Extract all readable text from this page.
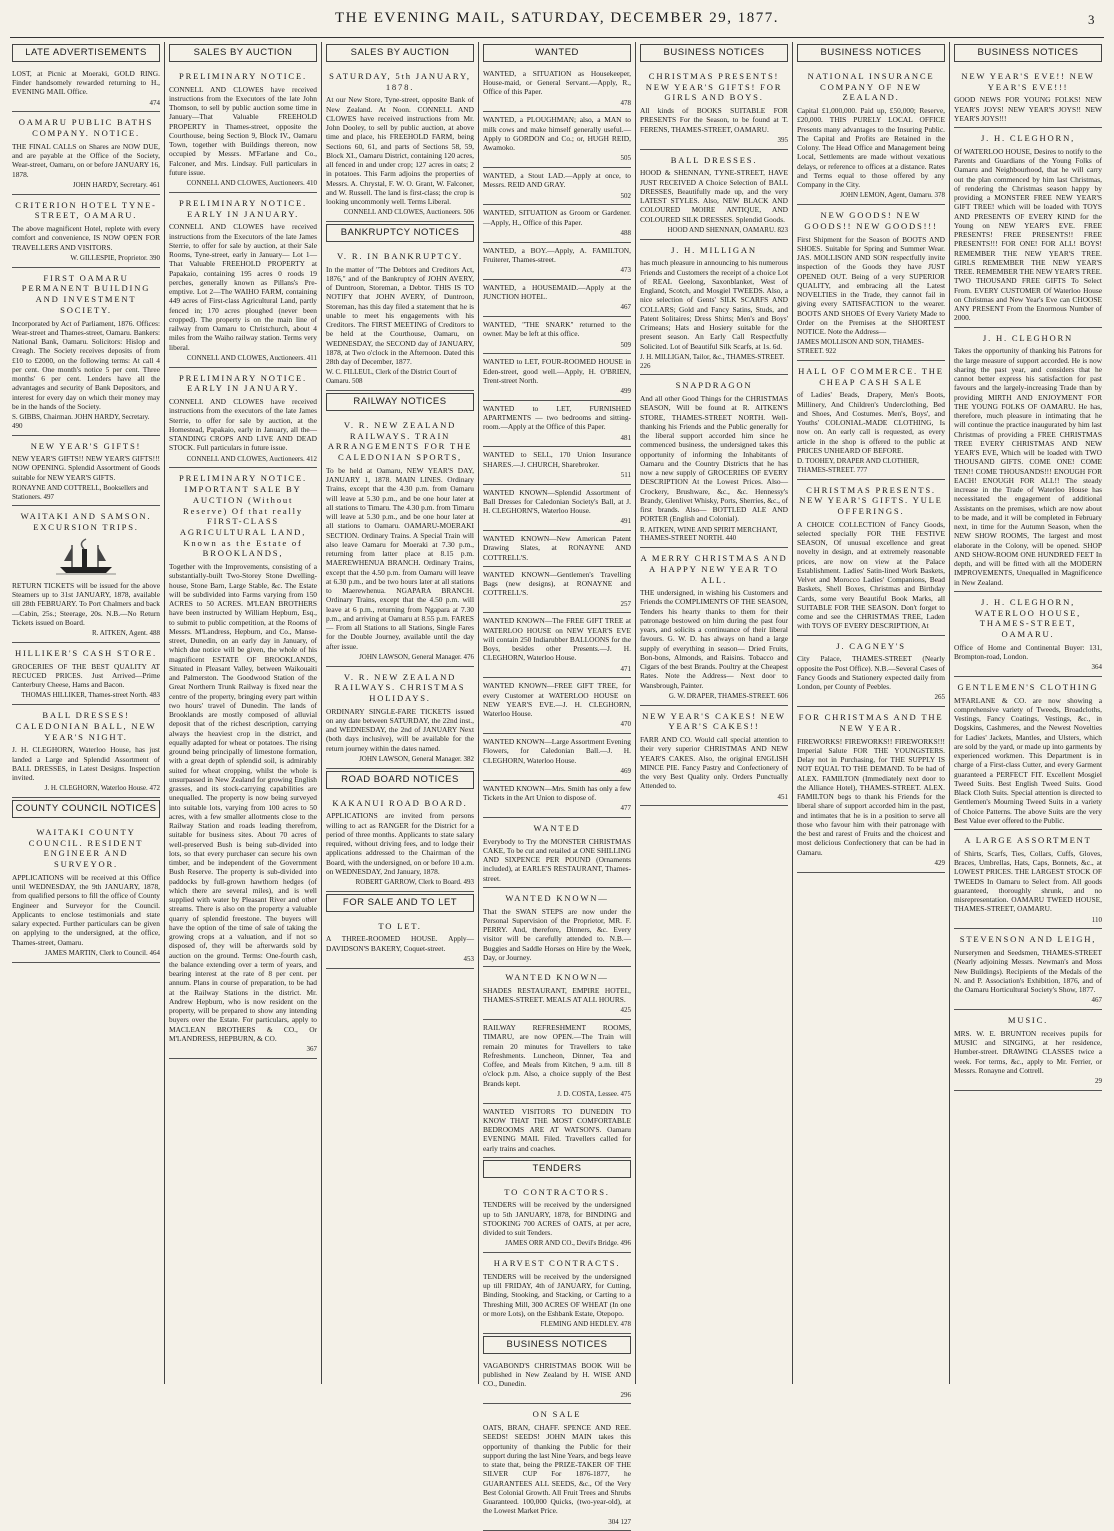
THE EVENING MAIL, SATURDAY, DECEMBER 29, 1877.	3
LATE ADVERTISEMENTS

LOST, at Picnic at Moeraki, GOLD RING. Finder handsomely rewarded returning to H., EVENING MAIL Office.

474
OAMARU PUBLIC BATHS COMPANY. NOTICE.

THE FINAL CALLS on Shares are NOW DUE, and are payable at the Office of the Society, Wear-street, Oamaru, on or before JANUARY 16, 1878.

JOHN HARDY, Secretary. 461
CRITERION HOTEL TYNE-STREET, OAMARU.

The above magnificent Hotel, replete with every comfort and convenience, IS NOW OPEN FOR TRAVELLERS AND VISITORS.

W. GILLESPIE, Proprietor. 390
FIRST OAMARU PERMANENT BUILDING AND INVESTMENT SOCIETY.

Incorporated by Act of Parliament, 1876. Offices: Wear-street and Thames-street, Oamaru. Bankers: National Bank, Oamaru. Solicitors: Hislop and Creagh. The Society receives deposits of from £10 to £2000, on the following terms: At call 4 per cent. One month's notice 5 per cent. Three months' 6 per cent. Lenders have all the advantages and security of Bank Depositors, and interest for every day on which their money may be in the hands of the Society.

S. GIBBS, Chairman. JOHN HARDY, Secretary. 490
NEW YEAR'S GIFTS!

NEW YEAR'S GIFTS!! NEW YEAR'S GIFTS!!! NOW OPENING. Splendid Assortment of Goods suitable for NEW YEAR'S GIFTS.

RONAYNE AND COTTRELL, Booksellers and Stationers. 497
WAITAKI AND SAMSON. EXCURSION TRIPS.

RETURN TICKETS will be issued for the above Steamers up to 31st JANUARY, 1878, available till 28th FEBRUARY. To Port Chalmers and back—Cabin, 25s.; Steerage, 20s. N.B.—No Return Tickets issued on Board.

R. AITKEN, Agent. 488
HILLIKER'S CASH STORE.

GROCERIES OF THE BEST QUALITY AT RECUCED PRICES. Just Arrived—Prime Canterbury Cheese, Hams and Bacon.

THOMAS HILLIKER, Thames-street North. 483
BALL DRESSES! CALEDONIAN BALL, NEW YEAR'S NIGHT.

J. H. CLEGHORN, Waterloo House, has just landed a Large and Splendid Assortment of BALL DRESSES, in Latest Designs. Inspection invited.

J. H. CLEGHORN, Waterloo House. 472
COUNTY COUNCIL NOTICES
WAITAKI COUNTY COUNCIL. RESIDENT ENGINEER AND SURVEYOR.

APPLICATIONS will be received at this Office until WEDNESDAY, the 9th JANUARY, 1878, from qualified persons to fill the office of County Engineer and Surveyor for the Council. Applicants to enclose testimonials and state salary expected. Further particulars can be given on applying to the undersigned, at the office, Thames-street, Oamaru.

JAMES MARTIN, Clerk to Council. 464
SALES BY AUCTION
PRELIMINARY NOTICE.

CONNELL AND CLOWES have received instructions from the Executors of the late John Thomson, to sell by public auction some time in January—That Valuable FREEHOLD PROPERTY in Thames-street, opposite the Courthouse, being Section 9, Block IV., Oamaru Town, together with Buildings thereon, now occupied by Messrs. M'Farlane and Co., Falconer, and Mrs. Lindsay. Full particulars in future issue.

CONNELL AND CLOWES, Auctioneers. 410
PRELIMINARY NOTICE. EARLY IN JANUARY.

CONNELL AND CLOWES have received instructions from the Executors of the late James Sterrie, to offer for sale by auction, at their Sale Rooms, Tyne-street, early in January— Lot 1—That Valuable FREEHOLD PROPERTY at Papakaio, containing 195 acres 0 roods 19 perches, generally known as Pillans's Pre-emptive. Lot 2—The WAIHO FARM, containing 449 acres of First-class Agricultural Land, partly fenced in; 170 acres ploughed (never been cropped). The property is on the main line of railway from Oamaru to Christchurch, about 4 miles from the Waiho railway station. Terms very liberal.

CONNELL AND CLOWES, Auctioneers. 411
PRELIMINARY NOTICE. EARLY IN JANUARY.

CONNELL AND CLOWES have received instructions from the executors of the late James Sterrie, to offer for sale by auction, at the Homestead, Papakaio, early in January, all the— STANDING CROPS AND LIVE AND DEAD STOCK. Full particulars in future issue.

CONNELL AND CLOWES, Auctioneers. 412
PRELIMINARY NOTICE. IMPORTANT SALE BY AUCTION (Without Reserve) Of that really FIRST-CLASS AGRICULTURAL LAND, Known as the Estate of BROOKLANDS,

Together with the Improvements, consisting of a substantially-built Two-Storey Stone Dwelling-house, Stone Barn, Large Stable, &c. The Estate will be subdivided into Farms varying from 150 ACRES to 50 ACRES. M'LEAN BROTHERS have been instructed by William Hepburn, Esq., to submit to public competition, at the Rooms of Messrs. M'Landress, Hepburn, and Co., Manse-street, Dunedin, on an early day in January, of which due notice will be given, the whole of his magnificent ESTATE OF BROOKLANDS, Situated in Pleasant Valley, between Waikouaiti and Palmerston. The Goodwood Station of the Great Northern Trunk Railway is fixed near the centre of the property, bringing every part within two hours' travel of Dunedin. The lands of Brooklands are mostly composed of alluvial deposit that of the richest description, carrying always the heaviest crop in the district, and equally adapted for wheat or potatoes. The rising ground being principally of limestone formation, with a great depth of splendid soil, is admirably suited for wheat cropping, whilst the whole is unsurpassed in New Zealand for growing English grasses, and its stock-carrying capabilities are unequalled. The property is now being surveyed into suitable lots, varying from 100 acres to 50 acres, with a few smaller allotments close to the Railway Station and roads leading therefrom, suitable for business sites. About 70 acres of well-preserved Bush is being sub-divided into lots, so that every purchaser can secure his own timber, and be independent of the Government Bush Reserve. The property is sub-divided into paddocks by full-grown hawthorn hedges (of which there are several miles), and is well supplied with water by Pleasant River and other streams. There is also on the property a valuable quarry of splendid freestone. The buyers will have the option of the time of sale of taking the growing crops at a valuation, and if not so disposed of, they will be afterwards sold by auction on the ground. Terms: One-fourth cash, the balance extending over a term of years, and bearing interest at the rate of 8 per cent. per annum. Plans in course of preparation, to be had at the Railway Stations in the district. Mr. Andrew Hepburn, who is now resident on the property, will be prepared to show any intending buyers over the Estate. For particulars, apply to MACLEAN BROTHERS & CO., Or M'LANDRESS, HEPBURN, & CO.

367
SALES BY AUCTION
SATURDAY, 5th JANUARY, 1878.

At our New Store, Tyne-street, opposite Bank of New Zealand. At Noon. CONNELL AND CLOWES have received instructions from Mr. John Dooley, to sell by public auction, at above time and place, his FREEHOLD FARM, being Sections 60, 61, and parts of Sections 58, 59, Block XI., Oamaru District, containing 120 acres, all fenced in and under crop; 127 acres in oats; 2 in potatoes. This Farm adjoins the properties of Messrs. A. Chrystal, F. W. O. Grant, W. Falconer, and W. Russell. The land is first-class; the crop is looking uncommonly well. Terms Liberal.

CONNELL AND CLOWES, Auctioneers. 506
BANKRUPTCY NOTICES
V. R. IN BANKRUPTCY.

In the matter of "The Debtors and Creditors Act, 1876," and of the Bankruptcy of JOHN AVERY, of Duntroon, Storeman, a Debtor. THIS IS TO NOTIFY that JOHN AVERY, of Duntroon, Storeman, has this day filed a statement that he is unable to meet his engagements with his Creditors. The FIRST MEETING of Creditors to be held at the Courthouse, Oamaru, on WEDNESDAY, the SECOND day of JANUARY, 1878, at Two o'clock in the Afternoon. Dated this 28th day of December, 1877.

W. C. FILLEUL, Clerk of the District Court of Oamaru. 508
RAILWAY NOTICES
V. R. NEW ZEALAND RAILWAYS. TRAIN ARRANGEMENTS FOR THE CALEDONIAN SPORTS,

To be held at Oamaru, NEW YEAR'S DAY, JANUARY 1, 1878. MAIN LINES. Ordinary Trains, except that the 4.30 p.m. from Oamaru will leave at 5.30 p.m., and be one hour later at all stations to Timaru. The 4.30 p.m. from Timaru will leave at 5.30 p.m., and be one hour later at all stations to Oamaru. OAMARU-MOERAKI SECTION. Ordinary Trains. A Special Train will also leave Oamaru for Moeraki at 7.30 p.m., returning from latter place at 8.15 p.m. MAEREWHENUA BRANCH. Ordinary Trains, except that the 4.50 p.m. from Oamaru will leave at 6.30 p.m., and be two hours later at all stations to Maerewhenua. NGAPARA BRANCH. Ordinary Trains, except that the 4.50 p.m. will leave at 6 p.m., returning from Ngapara at 7.30 p.m., and arriving at Oamaru at 8.55 p.m. FARES— From all Stations to all Stations, Single Fares for the Double Journey, available until the day after issue.

JOHN LAWSON, General Manager. 476
V. R. NEW ZEALAND RAILWAYS. CHRISTMAS HOLIDAYS.

ORDINARY SINGLE-FARE TICKETS issued on any date between SATURDAY, the 22nd inst., and WEDNESDAY, the 2nd of JANUARY Next (both days inclusive), will be available for the return journey within the dates named.

JOHN LAWSON, General Manager. 382
ROAD BOARD NOTICES
KAKANUI ROAD BOARD.

APPLICATIONS are invited from persons willing to act as RANGER for the District for a period of three months. Applicants to state salary required, without driving fees, and to lodge their applications addressed to the Chairman of the Board, with the undersigned, on or before 10 a.m. on WEDNESDAY, 2nd January, 1878.

ROBERT GARROW, Clerk to Board. 493
FOR SALE AND TO LET
TO LET.

A THREE-ROOMED HOUSE. Apply— DAVIDSON'S BAKERY, Coquet-street.

453
WANTED

WANTED, a SITUATION as Housekeeper, House-maid, or General Servant.—Apply, R., Office of this Paper.

478

WANTED, a PLOUGHMAN; also, a MAN to milk cows and make himself generally useful.—Apply to GORDON and Co.; or, HUGH REID, Awamoko.

505

WANTED, a Stout LAD.—Apply at once, to Messrs. REID AND GRAY.

502

WANTED, SITUATION as Groom or Gardener.—Apply, H., Office of this Paper.

488

WANTED, a BOY.—Apply, A. FAMILTON, Fruiterer, Thames-street.

473

WANTED, a HOUSEMAID.—Apply at the JUNCTION HOTEL.

467

WANTED, "THE SNARK" returned to the owner. May be left at this office.

509

WANTED to LET, FOUR-ROOMED HOUSE in Eden-street, good well.—Apply, H. O'BRIEN, Trent-street North.

499

WANTED to LET, FURNISHED APARTMENTS — two bedrooms and sitting-room.—Apply at the Office of this Paper.

481

WANTED to SELL, 170 Union Insurance SHARES.—J. CHURCH, Sharebroker.

511

WANTED KNOWN—Splendid Assortment of Ball Dresses for Caledonian Society's Ball, at J. H. CLEGHORN'S, Waterloo House.

491

WANTED KNOWN—New American Patent Drawing Slates, at RONAYNE AND COTTRELL'S.

WANTED KNOWN—Gentlemen's Travelling Bags (new designs), at RONAYNE and COTTRELL'S.

257

WANTED KNOWN—The FREE GIFT TREE at WATERLOO HOUSE on NEW YEAR'S EVE will contain 250 Indiarubber BALLOONS for the Boys, besides other Presents.—J. H. CLEGHORN, Waterloo House.

471

WANTED KNOWN—FREE GIFT TREE, for every Customer at WATERLOO HOUSE on NEW YEAR'S EVE.—J. H. CLEGHORN, Waterloo House.

470

WANTED KNOWN—Large Assortment Evening Flowers, for Caledonian Ball.—J. H. CLEGHORN, Waterloo House.

469

WANTED KNOWN—Mrs. Smith has only a few Tickets in the Art Union to dispose of.

477
WANTED

Everybody to Try the MONSTER CHRISTMAS CAKE, To be cut and retailed at ONE SHILLING AND SIXPENCE PER POUND (Ornaments included), at EARLE'S RESTAURANT, Thames-street.

WANTED KNOWN—

That the SWAN STEPS are now under the Personal Supervision of the Proprietor, MR. F. PERRY. And, therefore, Dinners, &c. Every visitor will be carefully attended to. N.B.—Buggies and Saddle Horses on Hire by the Week, Day, or Journey.

WANTED KNOWN—

SHADES RESTAURANT, EMPIRE HOTEL, THAMES-STREET. MEALS AT ALL HOURS.

425

RAILWAY REFRESHMENT ROOMS, TIMARU, are now OPEN.—The Train will remain 20 minutes for Travellers to take Refreshments. Luncheon, Dinner, Tea and Coffee, and Meals from Kitchen, 9 a.m. till 8 o'clock p.m. Also, a choice supply of the Best Brands kept.

J. D. COSTA, Lessee. 475

WANTED VISITORS TO DUNEDIN TO KNOW THAT THE MOST COMFORTABLE BEDROOMS ARE AT WATSON'S. Oamaru EVENING MAIL Filed. Travellers called for early trains and coaches.

TENDERS
TO CONTRACTORS.

TENDERS will be received by the undersigned up to 5th JANUARY, 1878, for BINDING and STOOKING 700 ACRES of OATS, at per acre, divided to suit Tenders.

JAMES ORR AND CO., Devil's Bridge. 496
HARVEST CONTRACTS.

TENDERS will be received by the undersigned up till FRIDAY, 4th of JANUARY, for Cutting, Binding, Stooking, and Stacking, or Carting to a Threshing Mill, 300 ACRES OF WHEAT (In one or more Lots), on the Eshbank Estate, Otepopo.

FLEMING AND HEDLEY. 478
BUSINESS NOTICES

VAGABOND'S CHRISTMAS BOOK Will be published in New Zealand by H. WISE AND CO., Dunedin.

296
ON SALE

OATS, BRAN, CHAFF. SPENCE AND REE. SEEDS! SEEDS! JOHN MAIN takes this opportunity of thanking the Public for their support during the last Nine Years, and begs leave to state that, being the PRIZE-TAKER OF THE SILVER CUP For 1876-1877, he GUARANTEES ALL SEEDS, &c., Of the Very Best Colonial Growth. All Fruit Trees and Shrubs Guaranteed. 100,000 Quicks, (two-year-old), at the Lowest Market Price.

304 127
BUSINESS NOTICES
CHRISTMAS PRESENTS! NEW YEAR'S GIFTS! FOR GIRLS AND BOYS.

All kinds of BOOKS SUITABLE FOR PRESENTS For the Season, to be found at T. FERENS, THAMES-STREET, OAMARU.

395
BALL DRESSES.

HOOD & SHENNAN, TYNE-STREET, HAVE JUST RECEIVED A Choice Selection of BALL DRESSES, Beautifully made up, and the very LATEST STYLES. Also, NEW BLACK AND COLOURED MOIRE ANTIQUE, AND COLOURED SILK DRESSES. Splendid Goods.

HOOD AND SHENNAN, OAMARU. 823
J. H. MILLIGAN

has much pleasure in announcing to his numerous Friends and Customers the receipt of a choice Lot of REAL Geelong, Saxonblanket, West of England, Scotch, and Mosgiel TWEEDS. Also, a nice selection of Gents' SILK SCARFS AND COLLARS; Gold and Fancy Satins, Studs, and Patent Solitaires; Dress Shirts; Men's and Boys' Crimeans; Hats and Hosiery suitable for the present season. An Early Call Respectfully Solicited. Lot of Beautiful Silk Scarfs, at 1s. 6d.

J. H. MILLIGAN, Tailor, &c., THAMES-STREET. 226
SNAPDRAGON

And all other Good Things for the CHRISTMAS SEASON, Will be found at R. AITKEN'S STORE, THAMES-STREET NORTH. Well-thanking his Friends and the Public generally for the liberal support accorded him since he commenced business, the undersigned takes this opportunity of informing the Inhabitants of Oamaru and the Country Districts that he has now a new supply of GROCERIES OF EVERY DESCRIPTION At the Lowest Prices. Also— Crockery, Brushware, &c., &c. Hennessy's Brandy, Glenlivet Whisky, Ports, Sherries, &c., of first brands. Also— BOTTLED ALE AND PORTER (English and Colonial).

R. AITKEN, WINE AND SPIRIT MERCHANT, THAMES-STREET NORTH. 440
A MERRY CHRISTMAS AND A HAPPY NEW YEAR TO ALL.

THE undersigned, in wishing his Customers and Friends the COMPLIMENTS OF THE SEASON, Tenders his hearty thanks to them for their patronage bestowed on him during the past four years, and solicits a continuance of their liberal favours. G. W. D. has always on hand a large supply of everything in season— Dried Fruits, Bon-bons, Almonds, and Raisins. Tobacco and Cigars of the best Brands. Poultry at the Cheapest Rates. Note the Address— Next door to Wansbrough, Painter.

G. W. DRAPER, THAMES-STREET. 606
NEW YEAR'S CAKES! NEW YEAR'S CAKES!!

FARR AND CO. Would call special attention to their very superior CHRISTMAS AND NEW YEAR'S CAKES. Also, the original ENGLISH MINCE PIE. Fancy Pastry and Confectionery of the very Best Quality only. Orders Punctually Attended to.

451
BUSINESS NOTICES
NATIONAL INSURANCE COMPANY OF NEW ZEALAND.

Capital £1,000,000. Paid up, £50,000; Reserve, £20,000. THIS PURELY LOCAL OFFICE Presents many advantages to the Insuring Public. The Capital and Profits are Retained in the Colony. The Head Office and Management being Local, Settlements are made without vexatious delays, or reference to offices at a distance. Rates and Terms equal to those offered by any Company in the City.

JOHN LEMON, Agent, Oamaru. 378
NEW GOODS! NEW GOODS!! NEW GOODS!!!

First Shipment for the Season of BOOTS AND SHOES. Suitable for Spring and Summer Wear. JAS. MOLLISON AND SON respectfully invite inspection of the Goods they have JUST OPENED OUT. Being of a very SUPERIOR QUALITY, and embracing all the Latest NOVELTIES in the Trade, they cannot fail in giving every SATISFACTION to the wearer. BOOTS AND SHOES Of Every Variety Made to Order on the Premises at the SHORTEST NOTICE. Note the Address—

JAMES MOLLISON AND SON, THAMES-STREET. 922
HALL OF COMMERCE. THE CHEAP CASH SALE

of Ladies' Beads, Drapery, Men's Boots, Millinery, And Children's Underclothing, Bed and Shoes, And Costumes. Men's, Boys', and Youths' COLONIAL-MADE CLOTHING, Is now on. An early call is requested, as every article in the shop is offered to the public at PRICES UNHEARD OF BEFORE.

D. TOOHEY, DRAPER AND CLOTHIER, THAMES-STREET. 777
CHRISTMAS PRESENTS. NEW YEAR'S GIFTS. YULE OFFERINGS.

A CHOICE COLLECTION of Fancy Goods, selected specially FOR THE FESTIVE SEASON, Of unusual excellence and great novelty in design, and at extremely reasonable prices, are now on view at the Palace Establishment. Ladies' Satin-lined Work Baskets, Velvet and Morocco Ladies' Companions, Bead Baskets, Shell Boxes, Christmas and Birthday Cards, some very Beautiful Book Marks, all SUITABLE FOR THE SEASON. Don't forget to come and see the CHRISTMAS TREE, Laden with TOYS OF EVERY DESCRIPTION, At

J. CAGNEY'S

City Palace, THAMES-STREET (Nearly opposite the Post Office). N.B.—Several Cases of Fancy Goods and Stationery expected daily from London, per County of Peebles.

265
FOR CHRISTMAS AND THE NEW YEAR.

FIREWORKS! FIREWORKS!! FIREWORKS!!! Imperial Salute FOR THE YOUNGSTERS. Delay not in Purchasing, for THE SUPPLY IS NOT EQUAL TO THE DEMAND. To be had of ALEX. FAMILTON (Immediately next door to the Alliance Hotel), THAMES-STREET. ALEX. FAMILTON begs to thank his Friends for the liberal share of support accorded him in the past, and intimates that he is in a position to serve all those who favour him with their patronage with the best and rarest of Fruits and the choicest and most delicious Confectionery that can be had in Oamaru.

429
BUSINESS NOTICES
NEW YEAR'S EVE!! NEW YEAR'S EVE!!!

GOOD NEWS FOR YOUNG FOLKS! NEW YEAR'S JOYS! NEW YEAR'S JOYS!! NEW YEAR'S JOYS!!!

J. H. CLEGHORN,

Of WATERLOO HOUSE, Desires to notify to the Parents and Guardians of the Young Folks of Oamaru and Neighbourhood, that he will carry out the plan commenced by him last Christmas, of rendering the Christmas season happy by providing a MONSTER FREE NEW YEAR'S GIFT TREE! which will be loaded with TOYS AND PRESENTS OF EVERY KIND for the Young on NEW YEAR'S EVE. FREE PRESENTS! FREE PRESENTS!! FREE PRESENTS!!! FOR ONE! FOR ALL! BOYS! REMEMBER THE NEW YEAR'S TREE. GIRLS REMEMBER THE NEW YEAR'S TREE. REMEMBER THE NEW YEAR'S TREE. TWO THOUSAND FREE GIFTS To Select From. EVERY CUSTOMER Of Waterloo House on Christmas and New Year's Eve can CHOOSE ANY PRESENT From the Enormous Number of 2000.

J. H. CLEGHORN

Takes the opportunity of thanking his Patrons for the large measure of support accorded. He is now sharing the past year, and considers that he cannot better express his satisfaction for past favours and the largely-increasing Trade than by providing MIRTH AND ENJOYMENT FOR THE YOUNG FOLKS OF OAMARU. He has, therefore, much pleasure in intimating that he will continue the practice inaugurated by him last Christmas of providing a FREE CHRISTMAS TREE EVERY CHRISTMAS AND NEW YEAR'S EVE, Which will be loaded with TWO THOUSAND GIFTS. COME ONE! COME TEN!! COME THOUSANDS!!! ENOUGH FOR EACH! ENOUGH FOR ALL!! The steady increase in the Trade of Waterloo House has necessitated the engagement of additional Assistants on the premises, which are now about to be made, and it will be completed in February next, in time for the Autumn Season, when the NEW SHOW ROOMS, The largest and most elaborate in the Colony, will be opened. SHOP AND SHOW-ROOM ONE HUNDRED FEET In depth, and will be fitted with all the MODERN IMPROVEMENTS, Unequalled in Magnificence in New Zealand.

J. H. CLEGHORN, WATERLOO HOUSE, THAMES-STREET, OAMARU.

Office of Home and Continental Buyer: 131, Brompton-road, London.

364
GENTLEMEN'S CLOTHING

M'FARLANE & CO. are now showing a comprehensive variety of Tweeds, Broadcloths, Vestings, Fancy Coatings, Vestings, &c., in Dogskins, Cashmeres, and the Newest Novelties for Ladies' Jackets, Mantles, and Ulsters, which are sold by the yard, or made up into garments by experienced workmen. This Department is in charge of a First-class Cutter, and every Garment guaranteed a PERFECT FIT. Excellent Mosgiel Tweed Suits. Best English Tweed Suits. Good Black Cloth Suits. Special attention is directed to Gentlemen's Mourning Tweed Suits in a variety of Choice Patterns. The above Suits are the very Best Value ever offered to the Public.

A LARGE ASSORTMENT

of Shirts, Scarfs, Ties, Collars, Cuffs, Gloves, Braces, Umbrellas, Hats, Caps, Bonnets, &c., at LOWEST PRICES. THE LARGEST STOCK OF TWEEDS In Oamaru to Select from. All goods guaranteed, thoroughly shrunk, and no misrepresentation. OAMARU TWEED HOUSE, THAMES-STREET, OAMARU.

110
STEVENSON AND LEIGH,

Nurserymen and Seedsmen, THAMES-STREET (Nearly adjoining Messrs. Newman's and Moss New Buildings). Recipients of the Medals of the N. and P. Association's Exhibition, 1876, and of the Oamaru Horticultural Society's Show, 1877.

467
MUSIC.

MRS. W. E. BRUNTON receives pupils for MUSIC and SINGING, at her residence, Humber-street. DRAWING CLASSES twice a week. For terms, &c., apply to Mr. Ferrier, or Messrs. Ronayne and Cottrell.

29
